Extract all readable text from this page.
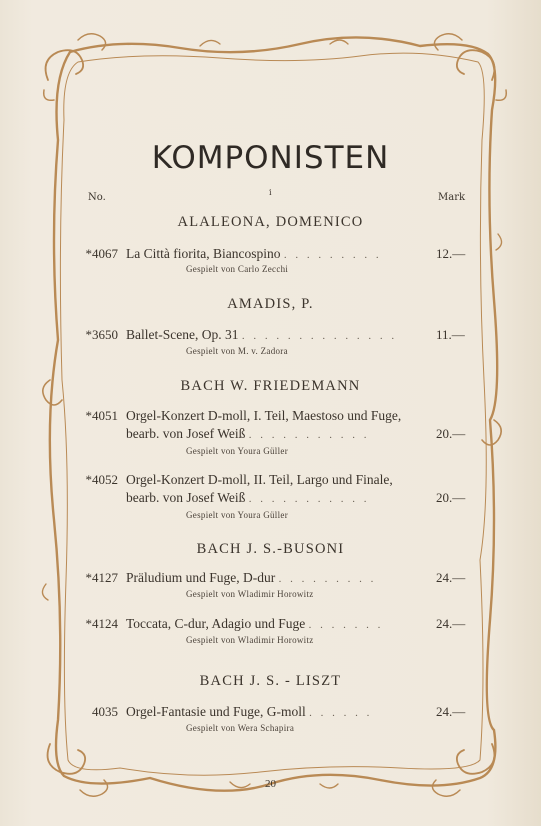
KOMPONISTEN
No.	i	Mark
ALALEONA, DOMENICO
*4067 La Città fiorita, Biancospino . . . . . . . . .	12.—
Gespielt von Carlo Zecchi
AMADIS, P.
*3650 Ballet-Scene, Op. 31 . . . . . . . . . . . . . .	11.—
Gespielt von M. v. Zadora
BACH W. FRIEDEMANN
*4051 Orgel-Konzert D-moll, I. Teil, Maestoso und Fuge,
bearb. von Josef Weiß . . . . . . . . . . .	20.—
Gespielt von Youra Güller
*4052 Orgel-Konzert D-moll, II. Teil, Largo und Finale,
bearb. von Josef Weiß . . . . . . . . . . .	20.—
Gespielt von Youra Güller
BACH J. S.-BUSONI
*4127 Präludium und Fuge, D-dur . . . . . . . . .	24.—
Gespielt von Wladimir Horowitz
*4124 Toccata, C-dur, Adagio und Fuge . . . . . . .	24.—
Gespielt von Wladimir Horowitz
BACH J. S. - LISZT
4035 Orgel-Fantasie und Fuge, G-moll . . . . . .	24.—
Gespielt von Wera Schapira
20
